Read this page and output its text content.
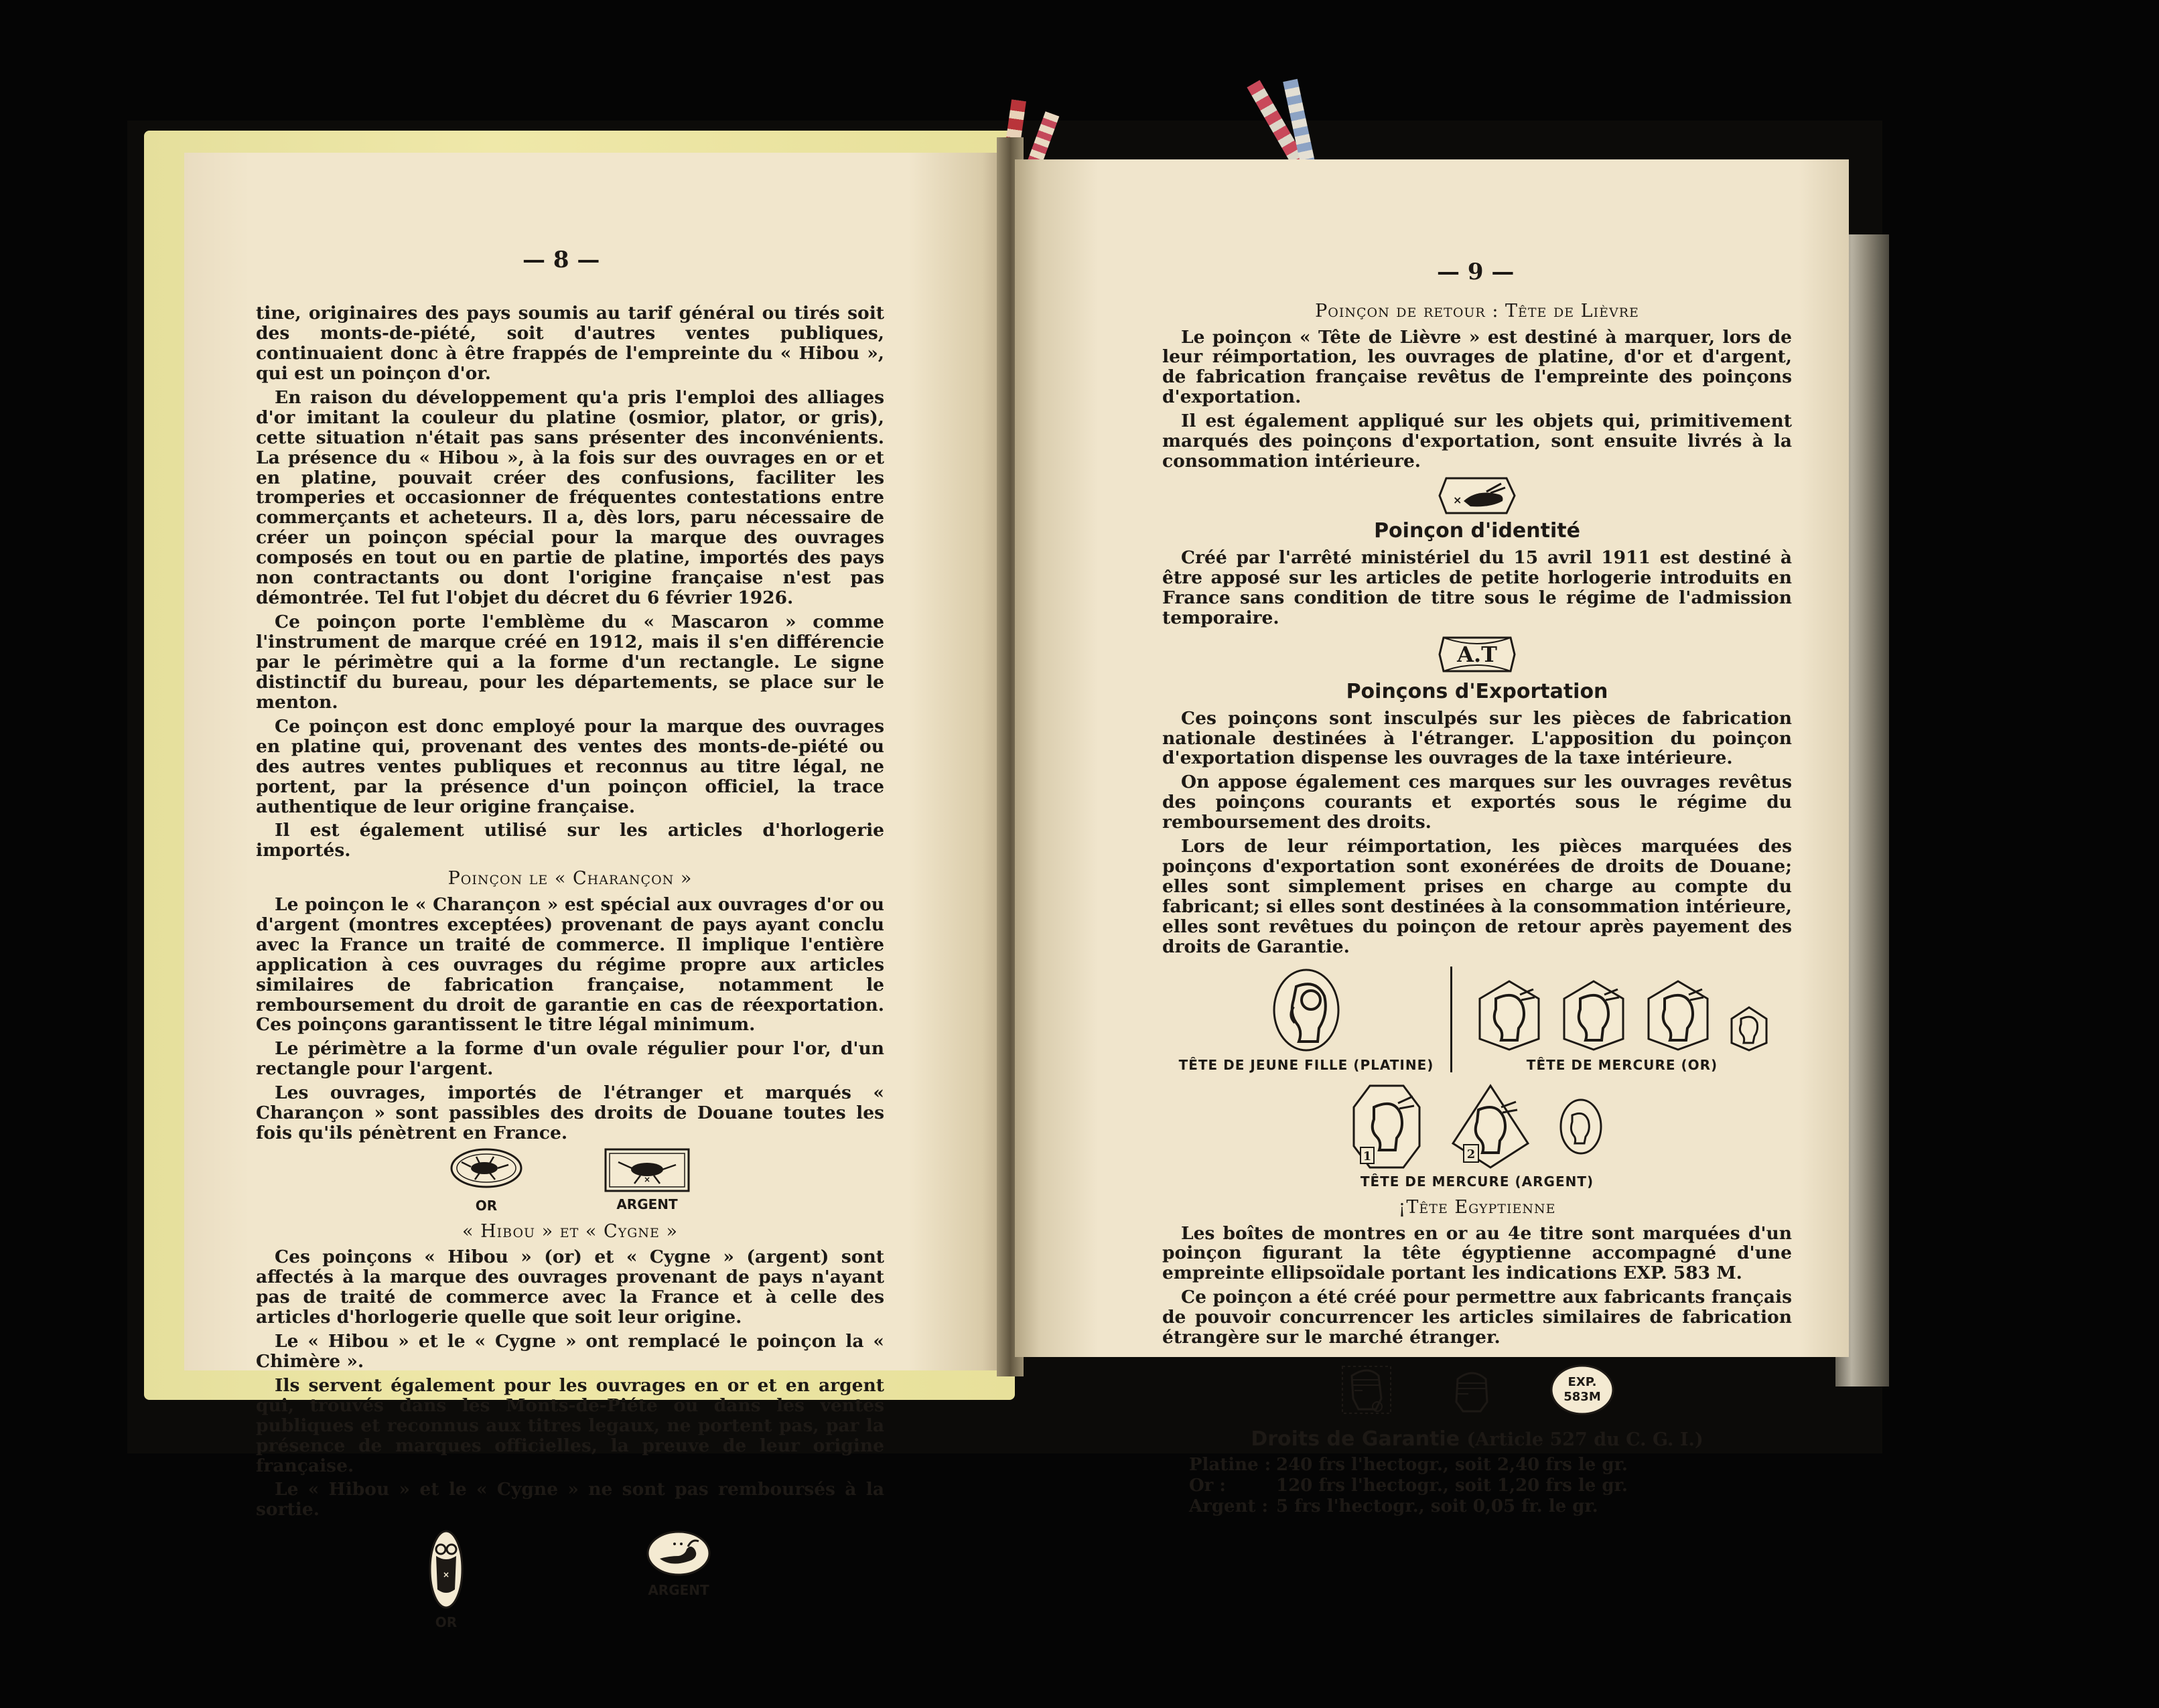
— 8 —

tine, originaires des pays soumis au tarif général ou tirés soit des monts-de-piété, soit d'autres ventes publiques, continuaient donc à être frappés de l'empreinte du « Hibou », qui est un poinçon d'or.

En raison du développement qu'a pris l'emploi des alliages d'or imitant la couleur du platine (osmior, plator, or gris), cette situation n'était pas sans présenter des inconvénients. La présence du « Hibou », à la fois sur des ouvrages en or et en platine, pouvait créer des confusions, faciliter les tromperies et occasionner de fréquentes contestations entre commerçants et acheteurs. Il a, dès lors, paru nécessaire de créer un poinçon spécial pour la marque des ouvrages composés en tout ou en partie de platine, importés des pays non contractants ou dont l'origine française n'est pas démontrée. Tel fut l'objet du décret du 6 février 1926.

Ce poinçon porte l'emblème du « Mascaron » comme l'instrument de marque créé en 1912, mais il s'en différencie par le périmètre qui a la forme d'un rectangle. Le signe distinctif du bureau, pour les départements, se place sur le menton.

Ce poinçon est donc employé pour la marque des ouvrages en platine qui, provenant des ventes des monts-de-piété ou des autres ventes publiques et reconnus au titre légal, ne portent, par la présence d'un poinçon officiel, la trace authentique de leur origine française.

Il est également utilisé sur les articles d'horlogerie importés.

Poinçon le « Charançon »

Le poinçon le « Charançon » est spécial aux ouvrages d'or ou d'argent (montres exceptées) provenant de pays ayant conclu avec la France un traité de commerce. Il implique l'entière application à ces ouvrages du régime propre aux articles similaires de fabrication française, notamment le remboursement du droit de garantie en cas de réexportation. Ces poinçons garantissent le titre légal minimum.

Le périmètre a la forme d'un ovale régulier pour l'or, d'un rectangle pour l'argent.

Les ouvrages, importés de l'étranger et marqués « Charançon » sont passibles des droits de Douane toutes les fois qu'ils pénètrent en France.

OR
×
ARGENT
« Hibou » et « Cygne »

Ces poinçons « Hibou » (or) et « Cygne » (argent) sont affectés à la marque des ouvrages provenant de pays n'ayant pas de traité de commerce avec la France et à celle des articles d'horlogerie quelle que soit leur origine.

Le « Hibou » et le « Cygne » ont remplacé le poinçon la « Chimère ».

Ils servent également pour les ouvrages en or et en argent qui, trouvés dans les Monts-de-Piéte ou dans les ventes publiques et reconnus aux titres legaux, ne portent pas, par la présence de marques officielles, la preuve de leur origine française.

Le « Hibou » et le « Cygne » ne sont pas remboursés à la sortie.

×
OR
ARGENT
— 9 —
Poinçon de retour : Tête de Lièvre

Le poinçon « Tête de Lièvre » est destiné à marquer, lors de leur réimportation, les ouvrages de platine, d'or et d'argent, de fabrication française revêtus de l'empreinte des poinçons d'exportation.

Il est également appliqué sur les objets qui, primitivement marqués des poinçons d'exportation, sont ensuite livrés à la consommation intérieure.

×
Poinçon d'identité

Créé par l'arrêté ministériel du 15 avril 1911 est destiné à être apposé sur les articles de petite horlogerie introduits en France sans condition de titre sous le régime de l'admission temporaire.

A.T
Poinçons d'Exportation

Ces poinçons sont insculpés sur les pièces de fabrication nationale destinées à l'étranger. L'apposition du poinçon d'exportation dispense les ouvrages de la taxe intérieure.

On appose également ces marques sur les ouvrages revêtus des poinçons courants et exportés sous le régime du remboursement des droits.

Lors de leur réimportation, les pièces marquées des poinçons d'exportation sont exonérées de droits de Douane; elles sont simplement prises en charge au compte du fabricant; si elles sont destinées à la consommation intérieure, elles sont revêtues du poinçon de retour après payement des droits de Garantie.

TÊTE DE JEUNE FILLE (PLATINE)	TÊTE DE MERCURE (OR)
1	2
TÊTE DE MERCURE (ARGENT)
¡Tête Egyptienne

Les boîtes de montres en or au 4e titre sont marquées d'un poinçon figurant la tête égyptienne accompagné d'une empreinte ellipsoïdale portant les indications EXP. 583 M.

Ce poinçon a été créé pour permettre aux fabricants français de pouvoir concurrencer les articles similaires de fabrication étrangère sur le marché étranger.

EXP.
583M
Droits de Garantie (Article 527 du C. G. I.)
Platine : 240 frs l'hectogr., soit 2,40 frs le gr.
Or :	120 frs l'hectogr., soit 1,20 frs le gr.
Argent : 5 frs l'hectogr., soit 0,05 fr. le gr.
